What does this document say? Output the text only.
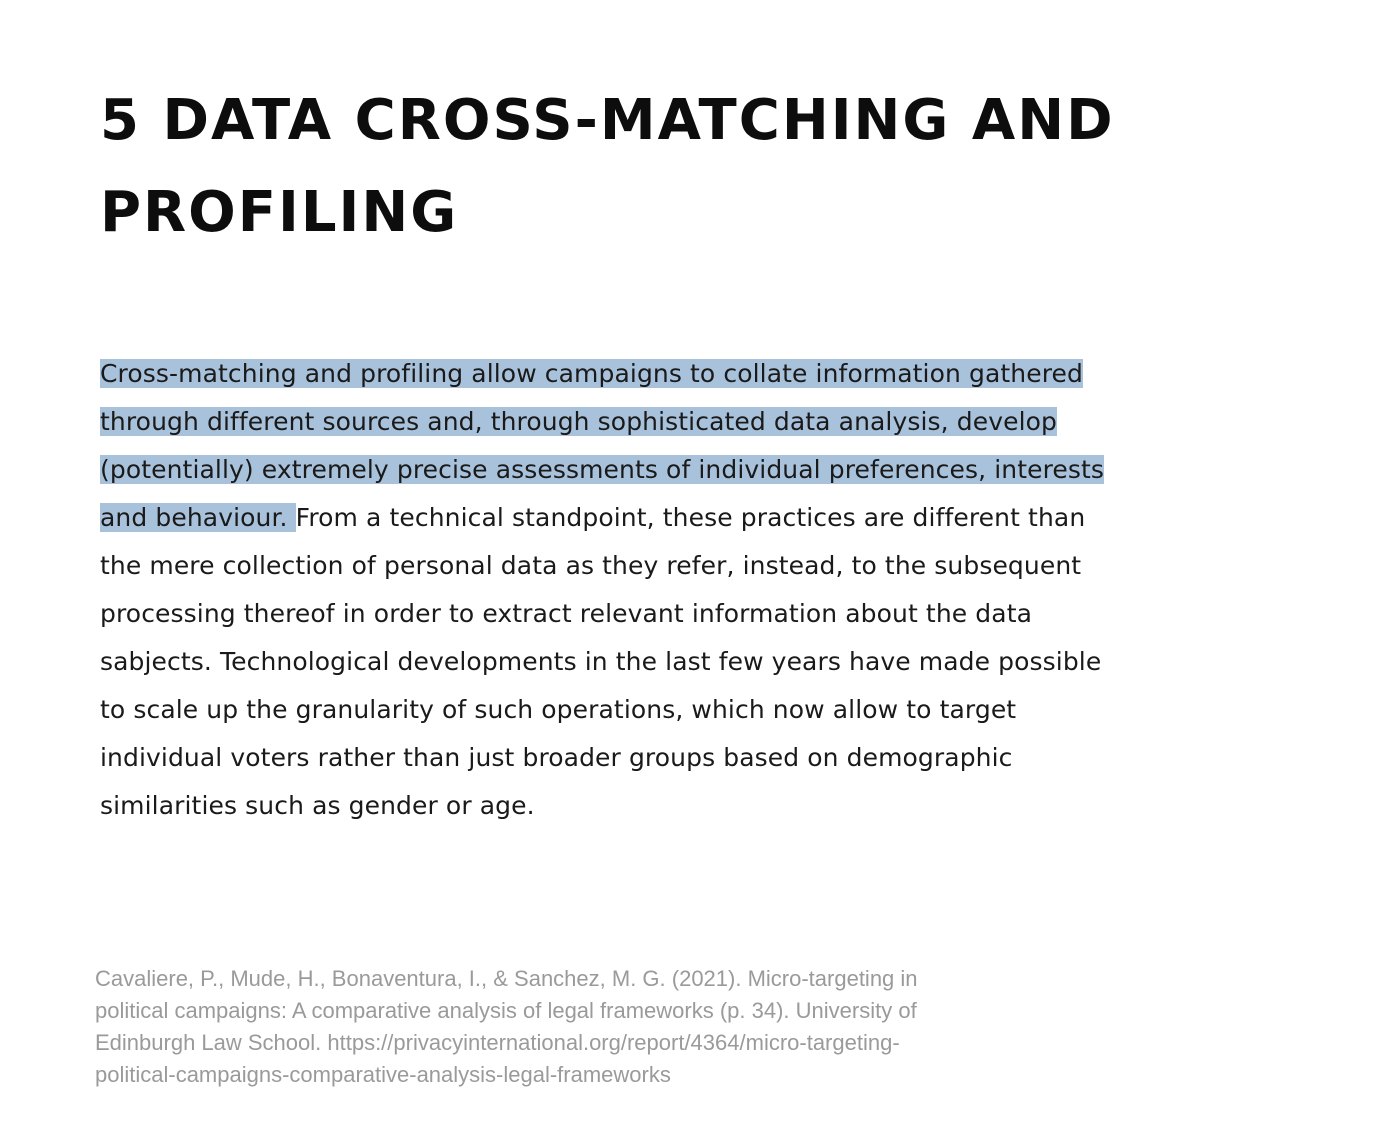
5 DATA CROSS-MATCHING AND
PROFILING
Cross-matching and profiling allow campaigns to collate information gathered
through different sources and, through sophisticated data analysis, develop
(potentially) extremely precise assessments of individual preferences, interests
and behaviour. From a technical standpoint, these practices are different than
the mere collection of personal data as they refer, instead, to the subsequent
processing thereof in order to extract relevant information about the data
sabjects. Technological developments in the last few years have made possible
to scale up the granularity of such operations, which now allow to target
individual voters rather than just broader groups based on demographic
similarities such as gender or age.
Cavaliere, P., Mude, H., Bonaventura, I., & Sanchez, M. G. (2021). Micro-targeting in
political campaigns: A comparative analysis of legal frameworks (p. 34). University of
Edinburgh Law School. https://privacyinternational.org/report/4364/micro-targeting-
political-campaigns-comparative-analysis-legal-frameworks
